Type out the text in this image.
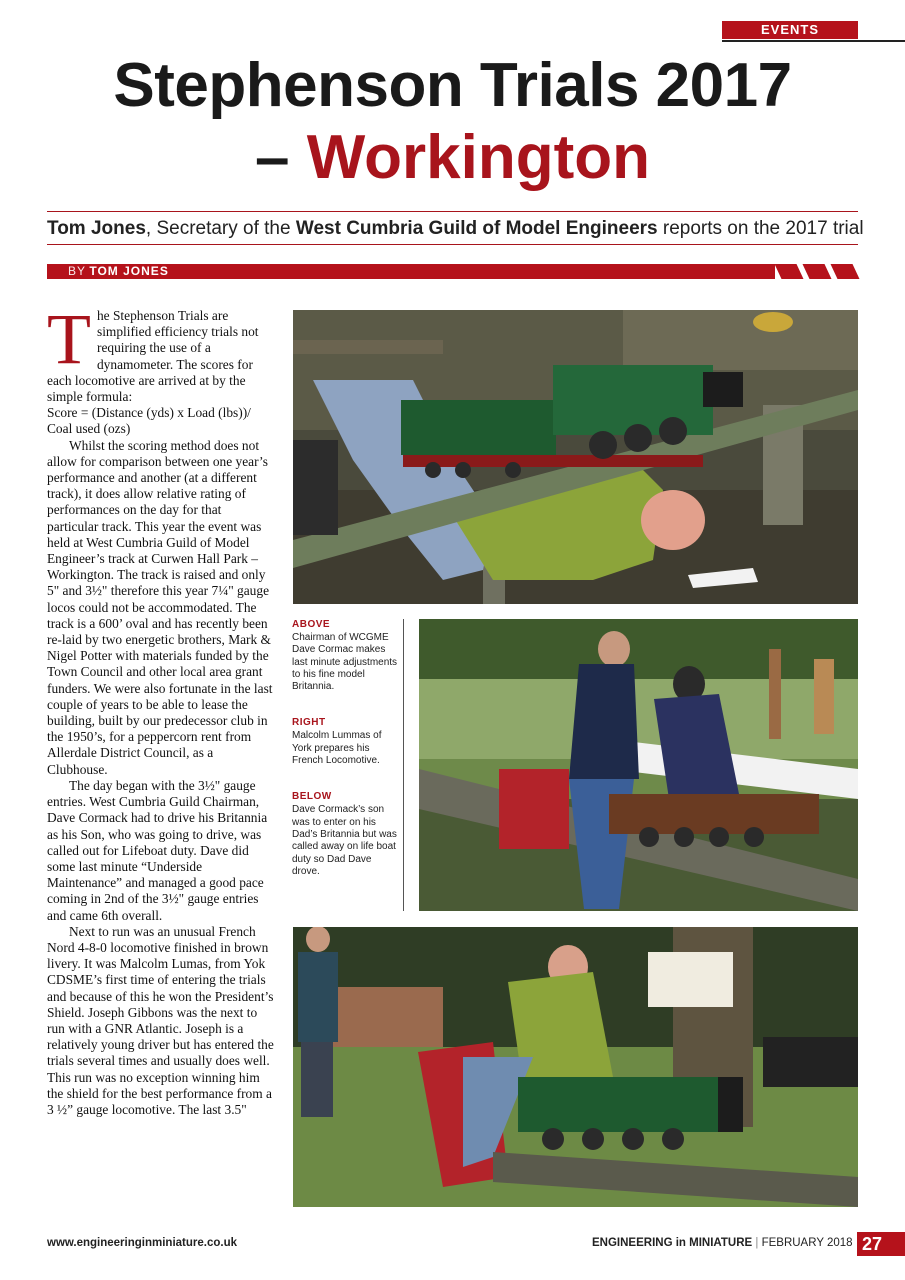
EVENTS
Stephenson Trials 2017
– Workington
Tom Jones, Secretary of the West Cumbria Guild of Model Engineers reports on the 2017 trial
BY TOM JONES

The Stephenson Trials are simplified efficiency trials not requiring the use of a dynamometer. The scores for each locomotive are arrived at by the simple formula:

Score = (Distance (yds) x Load (lbs))/

Coal used (ozs)

Whilst the scoring method does not allow for comparison between one year’s performance and another (at a different track), it does allow relative rating of performances on the day for that particular track. This year the event was held at West Cumbria Guild of Model Engineer’s track at Curwen Hall Park – Workington. The track is raised and only 5" and 3½" therefore this year 7¼" gauge locos could not be accommodated. The track is a 600’ oval and has recently been re-laid by two energetic brothers, Mark & Nigel Potter with materials funded by the Town Council and other local area grant funders. We were also fortunate in the last couple of years to be able to lease the building, built by our predecessor club in the 1950’s, for a peppercorn rent from Allerdale District Council, as a Clubhouse.

The day began with the 3½" gauge entries. West Cumbria Guild Chairman, Dave Cormack had to drive his Britannia as his Son, who was going to drive, was called out for Lifeboat duty. Dave did some last minute “Underside Maintenance” and managed a good pace coming in 2nd of the 3½" gauge entries and came 6th overall.

Next to run was an unusual French Nord 4-8-0 locomotive finished in brown livery. It was Malcolm Lumas, from Yok CDSME’s first time of entering the trials and because of this he won the President’s Shield. Joseph Gibbons was the next to run with a GNR Atlantic. Joseph is a relatively young driver but has entered the trials several times and usually does well. This run was no exception winning him the shield for the best performance from a 3 ½” gauge locomotive. The last 3.5"

ABOVE
Chairman of WCGME Dave Cormac makes last minute adjustments to his fine model Britannia.
RIGHT
Malcolm Lummas of York prepares his French Locomotive.
BELOW
Dave Cormack’s son was to enter on his Dad’s Britannia but was called away on life boat duty so Dad Dave drove.
www.engineeringinminiature.co.uk	ENGINEERING in MINIATURE | FEBRUARY 2018 27
